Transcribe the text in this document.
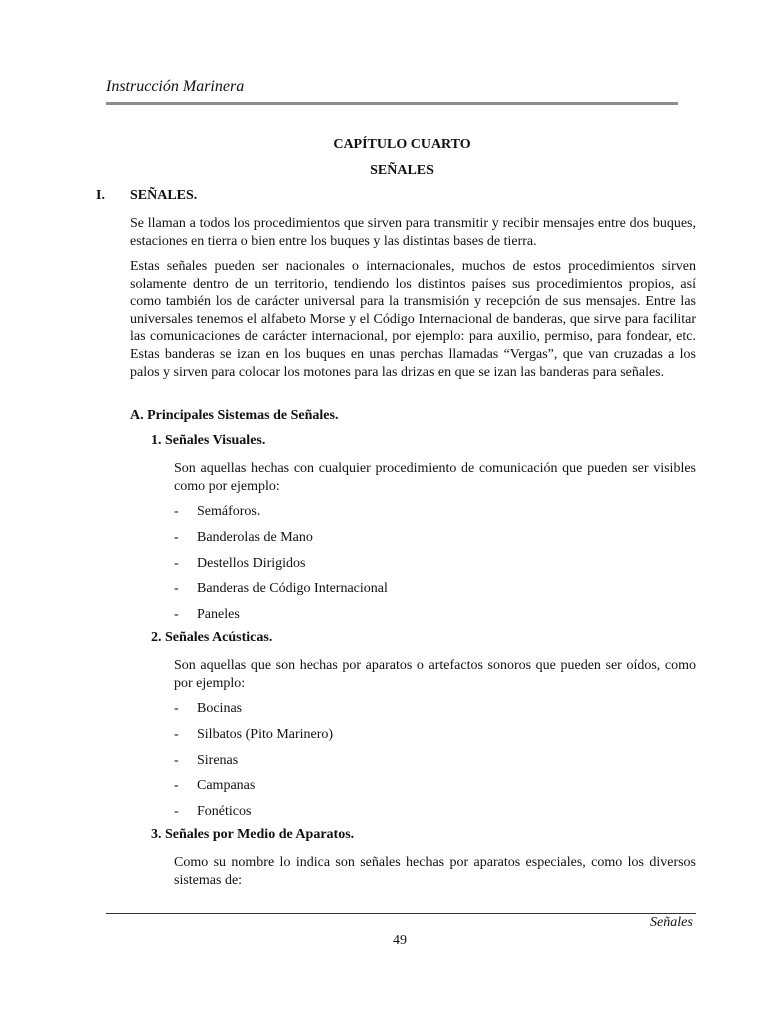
Instrucción Marinera
CAPÍTULO CUARTO
SEÑALES
I. SEÑALES.

Se llaman a todos los procedimientos que sirven para transmitir y recibir mensajes entre dos buques, estaciones en tierra o bien entre los buques y las distintas bases de tierra.

Estas señales pueden ser nacionales o internacionales, muchos de estos procedimientos sirven solamente dentro de un territorio, tendiendo los distintos países sus procedimientos propios, así como también los de carácter universal para la transmisión y recepción de sus mensajes. Entre las universales tenemos el alfabeto Morse y el Código Internacional de banderas, que sirve para facilitar las comunicaciones de carácter internacional, por ejemplo: para auxilio, permiso, para fondear, etc. Estas banderas se izan en los buques en unas perchas llamadas “Vergas”, que van cruzadas a los palos y sirven para colocar los motones para las drizas en que se izan las banderas para señales.

A. Principales Sistemas de Señales.
1. Señales Visuales.

Son aquellas hechas con cualquier procedimiento de comunicación que pueden ser visibles como por ejemplo:

- Semáforos.
- Banderolas de Mano
- Destellos Dirigidos
- Banderas de Código Internacional
- Paneles
2. Señales Acústicas.

Son aquellas que son hechas por aparatos o artefactos sonoros que pueden ser oídos, como por ejemplo:

- Bocinas
- Silbatos (Pito Marinero)
- Sirenas
- Campanas
- Fonéticos
3. Señales por Medio de Aparatos.

Como su nombre lo indica son señales hechas por aparatos especiales, como los diversos sistemas de:

Señales
49
